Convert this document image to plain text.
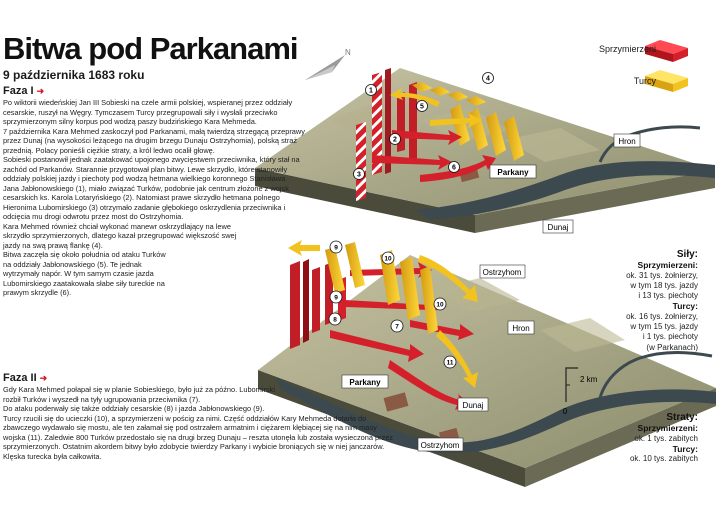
1
2
3
4
5
6	Parkany
Hron
Dunaj
Ostrzyhom
N
9
9
10
8
7
10
11
Parkany
Hron
Dunaj
Ostrzyhom
0
2 km
Bitwa pod Parkanami
9 października 1683 roku
Faza I ➜

Po wiktorii wiedeńskiej Jan III Sobieski na czele armii polskiej, wspieranej przez oddziały cesarskie, ruszył na Węgry. Tymczasem Turcy przegrupowali siły i wysłali przeciwko sprzymierzonym silny korpus pod wodzą paszy budzińskiego Kara Mehmeda.

7 października Kara Mehmed zaskoczył pod Parkanami, małą twierdzą strzegącą przeprawy przez Dunaj (na wysokości leżącego na drugim brzegu Dunaju Ostrzyhomia), polską straż przednią. Polacy ponieśli ciężkie straty, a król ledwo ocalił głowę.

Sobieski postanowił jednak zaatakować upojonego zwycięstwem przeciwnika, który stał na zachód od Parkanów. Starannie przygotował plan bitwy. Lewe skrzydło, które stanowiły oddziały polskiej jazdy i piechoty pod wodzą hetmana wielkiego koronnego Stanisława Jana Jabłonowskiego (1), miało związać Turków, podobnie jak centrum złożone z wojsk cesarskich ks. Karola Lotaryńskiego (2). Natomiast prawe skrzydło hetmana polnego Hieronima Lubomirskiego (3) otrzymało zadanie głębokiego oskrzydlenia przeciwnika i odcięcia mu drogi odwrotu przez most do Ostrzyhomia.

Kara Mehmed również chciał wykonać manewr oskrzydlający na lewe skrzydło sprzymierzonych, dlatego kazał przegrupować większość swej jazdy na swą prawą flankę (4).

Bitwa zaczęła się około południa od ataku Turków na oddziały Jabłonowskiego (5). Te jednak wytrzymały napór. W tym samym czasie jazda Lubomirskiego zaatakowała słabe siły tureckie na prawym skrzydle (6).

Faza II ➜

Gdy Kara Mehmed połapał się w planie Sobieskiego, było już za późno. Lubomirski rozbił Turków i wyszedł na tyły ugrupowania przeciwnika (7).

Do ataku poderwały się także oddziały cesarskie (8) i jazda Jabłonowskiego (9).

Turcy rzucili się do ucieczki (10), a sprzymierzeni w pościg za nimi. Część oddziałów Kary Mehmeda dotarła do zbawczego wydawało się mostu, ale ten załamał się pod ostrzałem armatnim i ciężarem kłębiącej się na nim masy wojska (11). Zaledwie 800 Turków przedostało się na drugi brzeg Dunaju – reszta utonęła lub została wysieczona przez sprzymierzonych. Ostatnim akordem bitwy było zdobycie twierdzy Parkany i wybicie broniących się w niej janczarów. Klęska turecka była całkowita.

Sprzymierzeni
Turcy
Siły:
Sprzymierzeni:
ok. 31 tys. żołnierzy,
w tym 18 tys. jazdy
i 13 tys. piechoty
Turcy:
ok. 16 tys. żołnierzy,
w tym 15 tys. jazdy
i 1 tys. piechoty
(w Parkanach)
Straty:
Sprzymierzeni:
ok. 1 tys. zabitych
Turcy:
ok. 10 tys. zabitych
